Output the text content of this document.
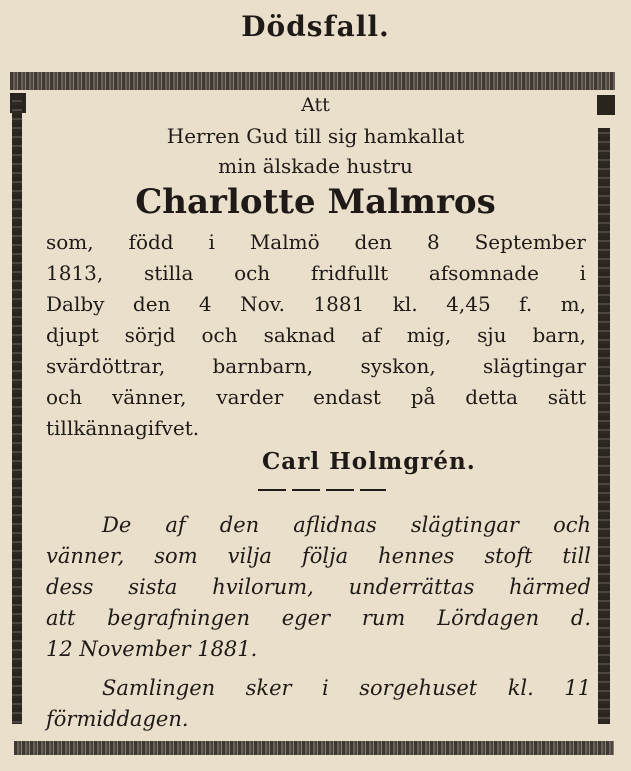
Dödsfall.
Att
Herren Gud till sig hamkallat
min älskade hustru
Charlotte Malmros
som, född i Malmö den 8 September
1813, stilla och fridfullt afsomnade i
Dalby den 4 Nov. 1881 kl. 4,45 f. m,
djupt sörjd och saknad af mig, sju barn,
svärdöttrar, barnbarn, syskon, slägtingar
och vänner, varder endast på detta sätt
tillkännagifvet.
Carl Holmgrén.
De af den aflidnas slägtingar och
vänner, som vilja följa hennes stoft till
dess sista hvilorum, underrättas härmed
att begrafningen eger rum Lördagen d.
12 November 1881.
Samlingen sker i sorgehuset kl. 11
förmiddagen.
